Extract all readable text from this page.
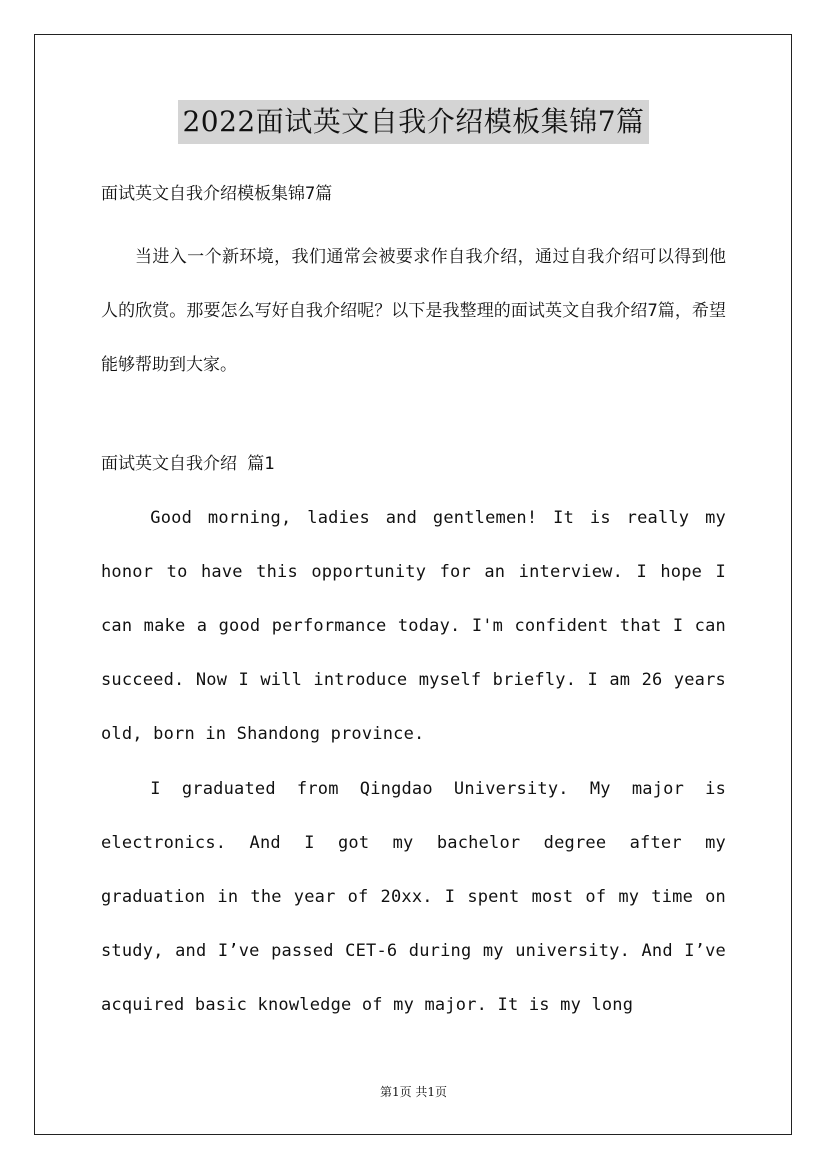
2022面试英文自我介绍模板集锦7篇
面试英文自我介绍模板集锦7篇
当进入一个新环境，我们通常会被要求作自我介绍，通过自我介绍可以得到他人的欣赏。那要怎么写好自我介绍呢？以下是我整理的面试英文自我介绍7篇，希望能够帮助到大家。
面试英文自我介绍 篇1
Good morning, ladies and gentlemen! It is really my honor to have this opportunity for an interview. I hope I can make a good performance today. I'm confident that I can succeed. Now I will introduce myself briefly. I am 26 years old, born in Shandong province.
I graduated from Qingdao University. My major is electronics. And I got my bachelor degree after my graduation in the year of 20xx. I spent most of my time on study, and I’ve passed CET-6 during my university. And I’ve acquired basic knowledge of my major. It is my long
第1页 共1页
